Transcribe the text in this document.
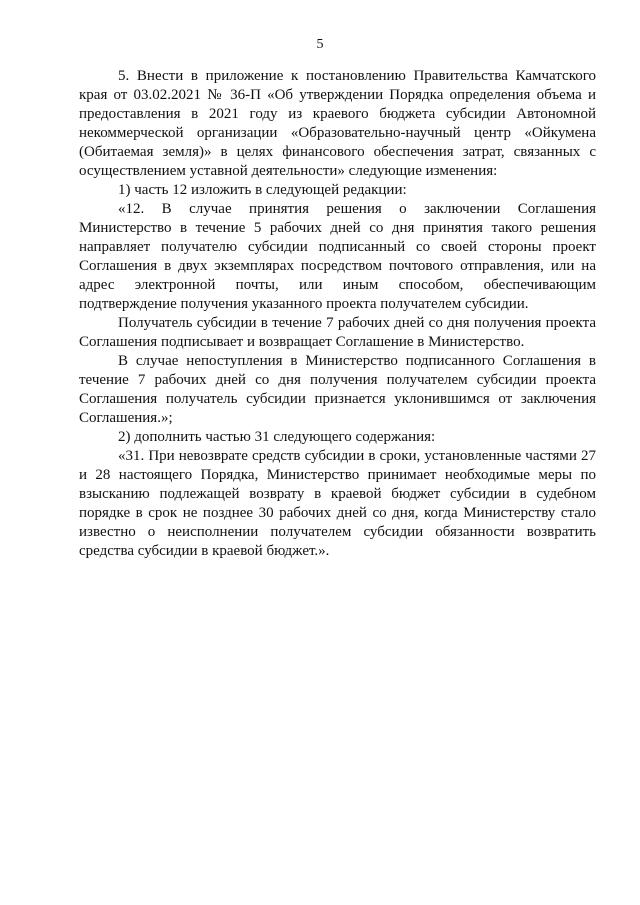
5

5. Внести в приложение к постановлению Правительства Камчатского края от 03.02.2021 № 36-П «Об утверждении Порядка определения объема и предоставления в 2021 году из краевого бюджета субсидии Автономной некоммерческой организации «Образовательно-научный центр «Ойкумена (Обитаемая земля)» в целях финансового обеспечения затрат, связанных с осуществлением уставной деятельности» следующие изменения:

1) часть 12 изложить в следующей редакции:

«12. В случае принятия решения о заключении Соглашения Министерство в течение 5 рабочих дней со дня принятия такого решения направляет получателю субсидии подписанный со своей стороны проект Соглашения в двух экземплярах посредством почтового отправления, или на адрес электронной почты, или иным способом, обеспечивающим подтверждение получения указанного проекта получателем субсидии.

Получатель субсидии в течение 7 рабочих дней со дня получения проекта Соглашения подписывает и возвращает Соглашение в Министерство.

В случае непоступления в Министерство подписанного Соглашения в течение 7 рабочих дней со дня получения получателем субсидии проекта Соглашения получатель субсидии признается уклонившимся от заключения Соглашения.»;

2) дополнить частью 31 следующего содержания:

«31. При невозврате средств субсидии в сроки, установленные частями 27 и 28 настоящего Порядка, Министерство принимает необходимые меры по взысканию подлежащей возврату в краевой бюджет субсидии в судебном порядке в срок не позднее 30 рабочих дней со дня, когда Министерству стало известно о неисполнении получателем субсидии обязанности возвратить средства субсидии в краевой бюджет.».
